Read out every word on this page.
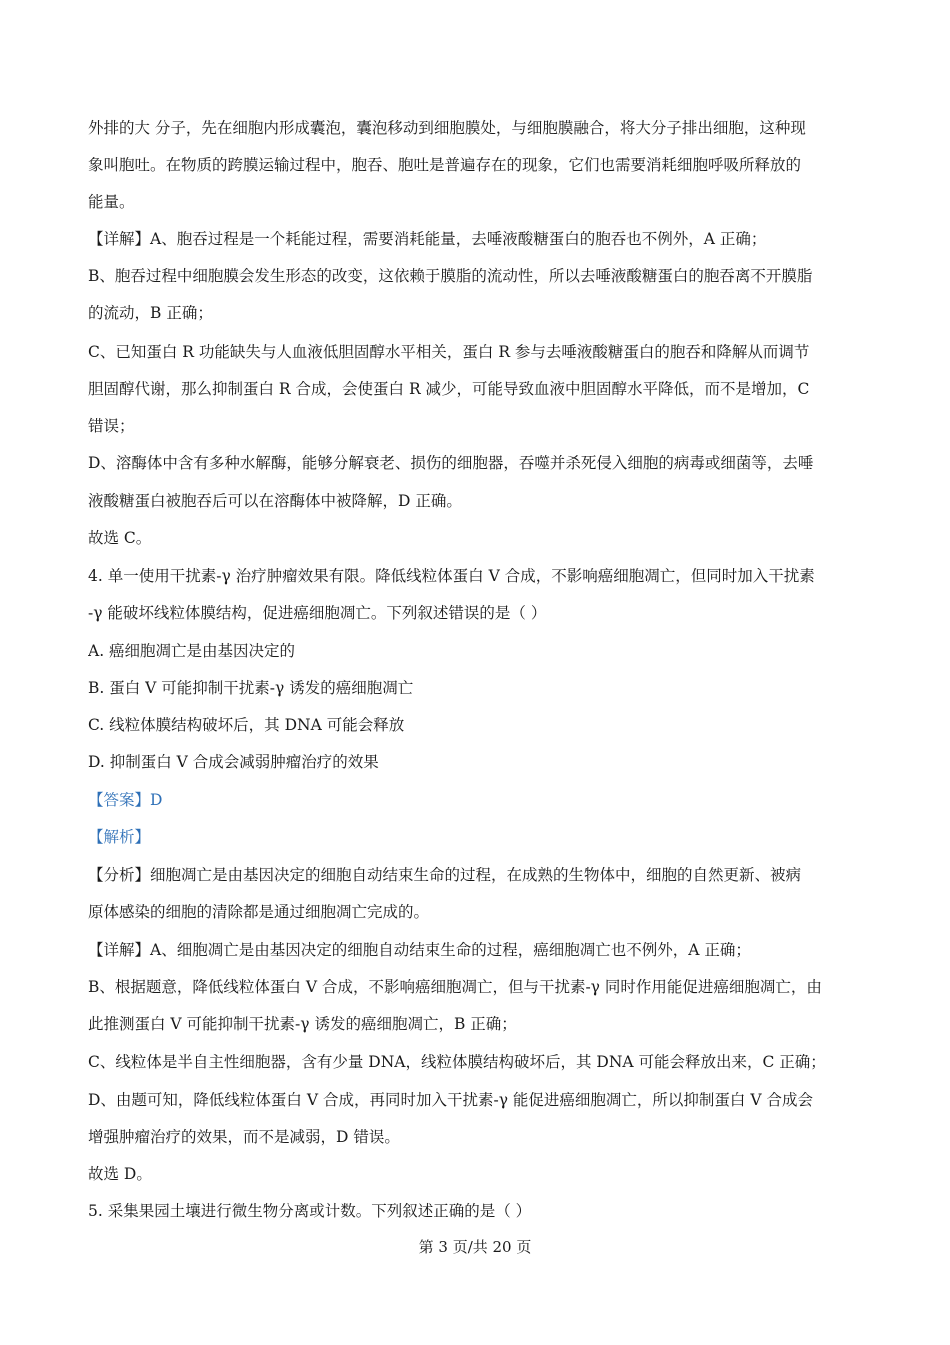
外排的大 分子，先在细胞内形成囊泡，囊泡移动到细胞膜处，与细胞膜融合，将大分子排出细胞，这种现
象叫胞吐。在物质的跨膜运输过程中，胞吞、胞吐是普遍存在的现象，它们也需要消耗细胞呼吸所释放的
能量。
【详解】A、胞吞过程是一个耗能过程，需要消耗能量，去唾液酸糖蛋白的胞吞也不例外，A 正确；
B、胞吞过程中细胞膜会发生形态的改变，这依赖于膜脂的流动性，所以去唾液酸糖蛋白的胞吞离不开膜脂
的流动，B 正确；
C、已知蛋白 R 功能缺失与人血液低胆固醇水平相关，蛋白 R 参与去唾液酸糖蛋白的胞吞和降解从而调节
胆固醇代谢，那么抑制蛋白 R 合成，会使蛋白 R 减少，可能导致血液中胆固醇水平降低，而不是增加，C
错误；
D、溶酶体中含有多种水解酶，能够分解衰老、损伤的细胞器，吞噬并杀死侵入细胞的病毒或细菌等，去唾
液酸糖蛋白被胞吞后可以在溶酶体中被降解，D 正确。
故选 C。
4. 单一使用干扰素-γ 治疗肿瘤效果有限。降低线粒体蛋白 V 合成，不影响癌细胞凋亡，但同时加入干扰素
-γ 能破坏线粒体膜结构，促进癌细胞凋亡。下列叙述错误的是（ ）
A. 癌细胞凋亡是由基因决定的
B. 蛋白 V 可能抑制干扰素-γ 诱发的癌细胞凋亡
C. 线粒体膜结构破坏后，其 DNA 可能会释放
D. 抑制蛋白 V 合成会减弱肿瘤治疗的效果
【答案】D
【解析】
【分析】细胞凋亡是由基因决定的细胞自动结束生命的过程，在成熟的生物体中，细胞的自然更新、被病
原体感染的细胞的清除都是通过细胞凋亡完成的。
【详解】A、细胞凋亡是由基因决定的细胞自动结束生命的过程，癌细胞凋亡也不例外，A 正确；
B、根据题意，降低线粒体蛋白 V 合成，不影响癌细胞凋亡，但与干扰素-γ 同时作用能促进癌细胞凋亡，由
此推测蛋白 V 可能抑制干扰素-γ 诱发的癌细胞凋亡，B 正确；
C、线粒体是半自主性细胞器，含有少量 DNA，线粒体膜结构破坏后，其 DNA 可能会释放出来，C 正确；
D、由题可知，降低线粒体蛋白 V 合成，再同时加入干扰素-γ 能促进癌细胞凋亡，所以抑制蛋白 V 合成会
增强肿瘤治疗的效果，而不是减弱，D 错误。
故选 D。
5. 采集果园土壤进行微生物分离或计数。下列叙述正确的是（ ）
第 3 页/共 20 页
